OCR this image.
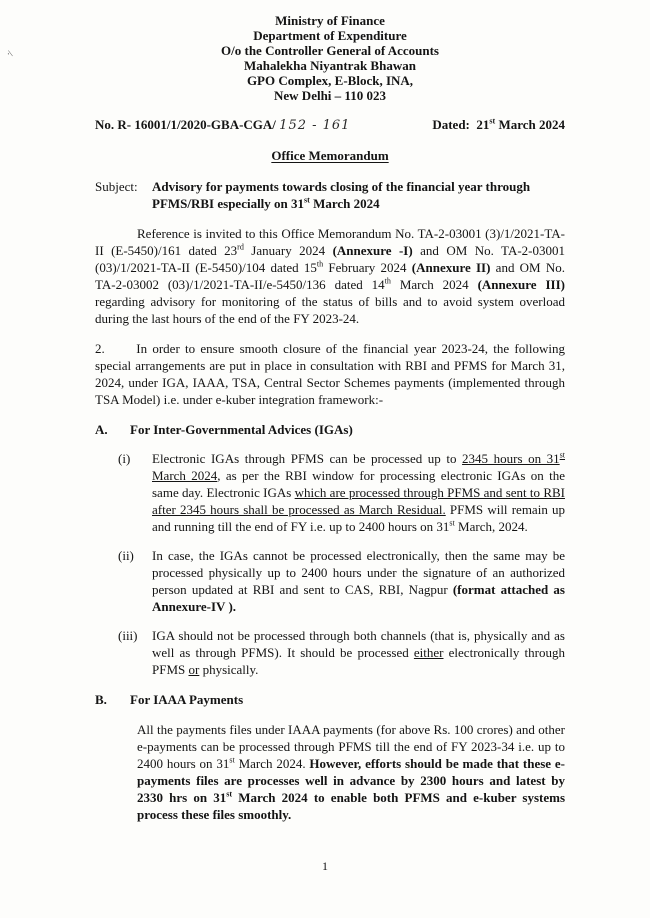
·\
Ministry of Finance
Department of Expenditure
O/o the Controller General of Accounts
Mahalekha Niyantrak Bhawan
GPO Complex, E-Block, INA,
New Delhi – 110 023
No. R- 16001/1/2020-GBA-CGA/ 152 - 161	Dated:  21st March 2024
Office Memorandum
Subject:	Advisory for payments towards closing of the financial year through PFMS/RBI especially on 31st March 2024

Reference is invited to this Office Memorandum No. TA-2-03001 (3)/1/2021-TA-II (E-5450)/161 dated 23rd January 2024 (Annexure -I) and OM No. TA-2-03001 (03)/1/2021-TA-II (E-5450)/104 dated 15th February 2024 (Annexure II) and OM No. TA-2-03002 (03)/1/2021-TA-II/e-5450/136 dated 14th March 2024 (Annexure III) regarding advisory for monitoring of the status of bills and to avoid system overload during the last hours of the end of the FY 2023-24.

2.      In order to ensure smooth closure of the financial year 2023-24, the following special arrangements are put in place in consultation with RBI and PFMS for March 31, 2024, under IGA, IAAA, TSA, Central Sector Schemes payments (implemented through TSA Model) i.e. under e-kuber integration framework:-

A.	For Inter-Governmental Advices (IGAs)
(i)	Electronic IGAs through PFMS can be processed up to 2345 hours on 31st March 2024, as per the RBI window for processing electronic IGAs on the same day. Electronic IGAs which are processed through PFMS and sent to RBI after 2345 hours shall be processed as March Residual. PFMS will remain up and running till the end of FY i.e. up to 2400 hours on 31st March, 2024.
(ii)	In case, the IGAs cannot be processed electronically, then the same may be processed physically up to 2400 hours under the signature of an authorized person updated at RBI and sent to CAS, RBI, Nagpur (format attached as Annexure-IV ).
(iii)	IGA should not be processed through both channels (that is, physically and as well as through PFMS). It should be processed either electronically through PFMS or physically.
B.	For IAAA Payments

All the payments files under IAAA payments (for above Rs. 100 crores) and other e-payments can be processed through PFMS till the end of FY 2023-34 i.e. up to 2400 hours on 31st March 2024. However, efforts should be made that these e-payments files are processes well in advance by 2300 hours and latest by 2330 hrs on 31st March 2024 to enable both PFMS and e-kuber systems process these files smoothly.

1
